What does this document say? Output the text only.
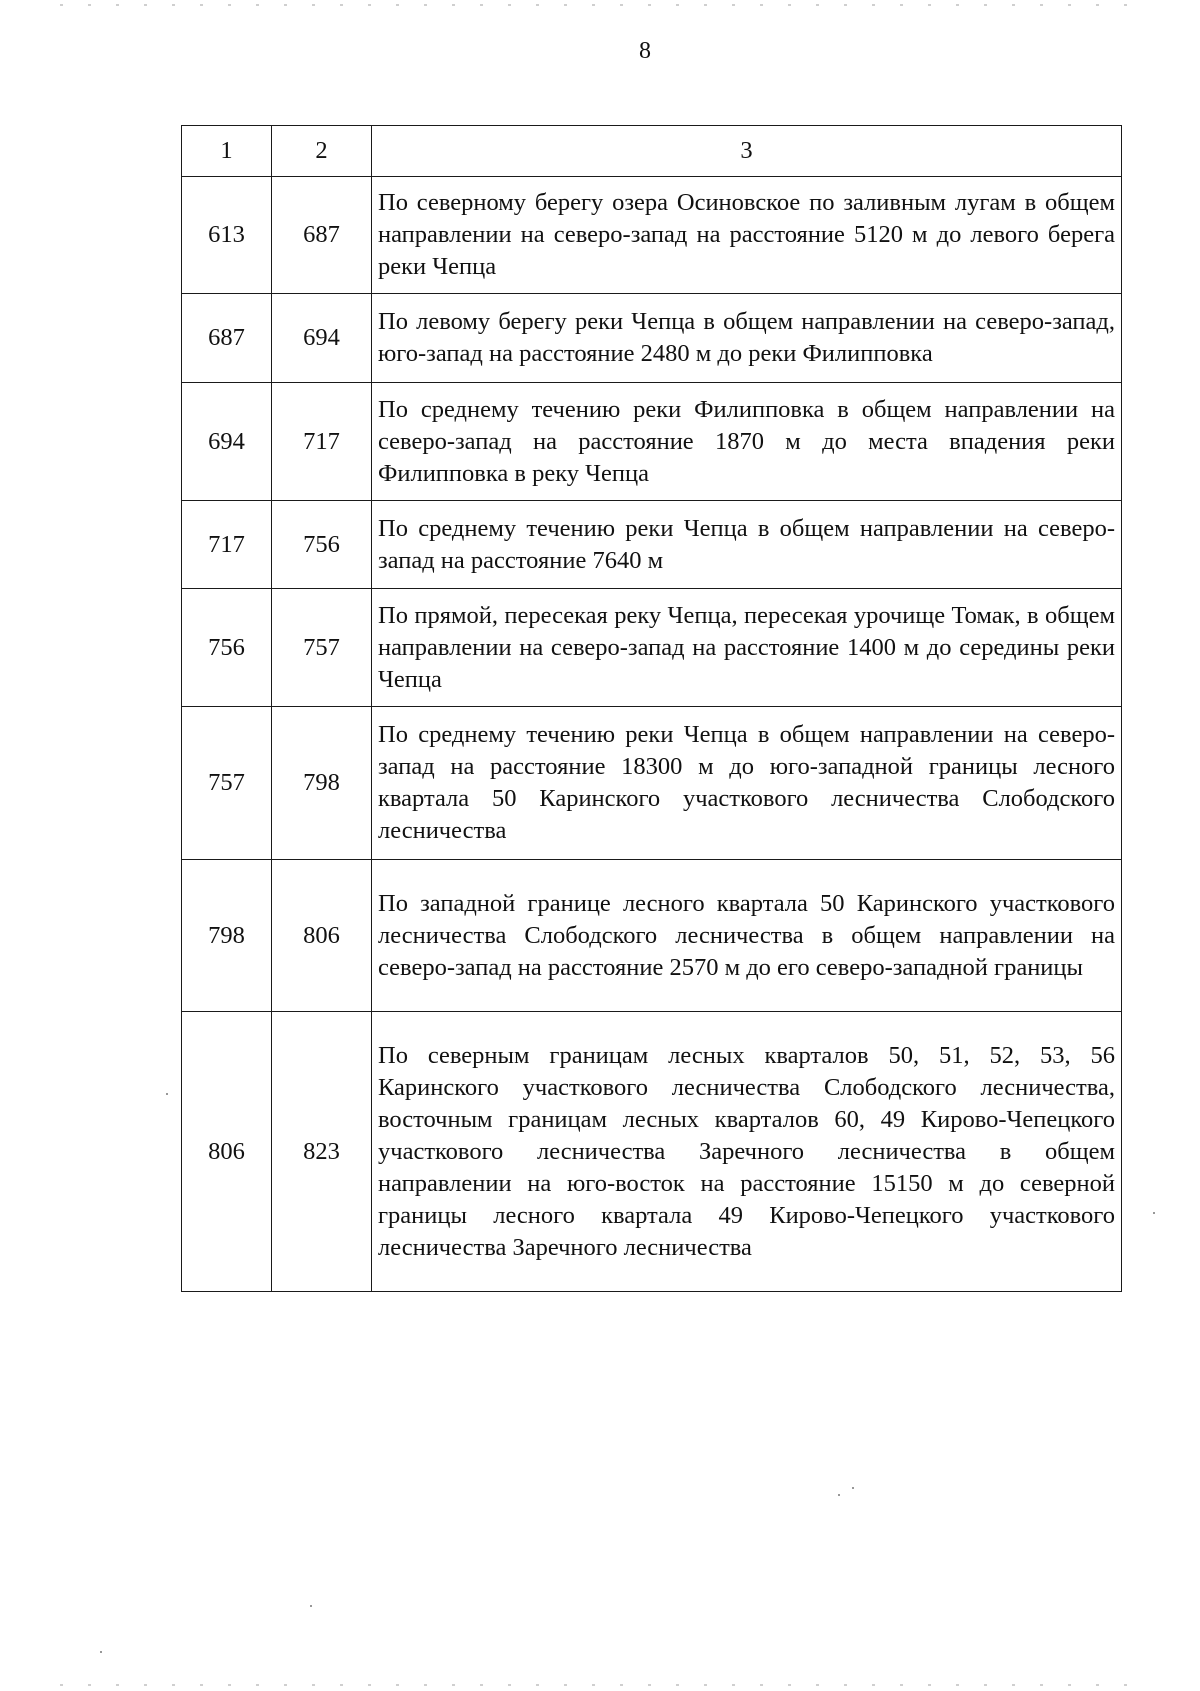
8
1	2	3
613	687	По северному берегу озера Осиновское по заливным лугам в общем направлении на северо-запад на расстояние 5120 м до левого берега реки Чепца
687	694	По левому берегу реки Чепца в общем направлении на северо-запад, юго-запад на расстояние 2480 м до реки Филипповка
694	717	По среднему течению реки Филипповка в общем направлении на северо-запад на расстояние 1870 м до места впадения реки Филипповка в реку Чепца
717	756	По среднему течению реки Чепца в общем направлении на северо-запад на расстояние 7640 м
756	757	По прямой, пересекая реку Чепца, пересекая урочище Томак, в общем направлении на северо-запад на расстояние 1400 м до середины реки Чепца
757	798	По среднему течению реки Чепца в общем направлении на северо-запад на расстояние 18300 м до юго-западной границы лесного квартала 50 Каринского участкового лесничества Слободского лесничества
798	806	По западной границе лесного квартала 50 Каринского участкового лесничества Слободского лесничества в общем направлении на северо-запад на расстояние 2570 м до его северо-западной границы
806	823	По северным границам лесных кварталов 50, 51, 52, 53, 56 Каринского участкового лесничества Слободского лесничества, восточным границам лесных кварталов 60, 49 Кирово-Чепецкого участкового лесничества Заречного лесничества в общем направлении на юго-восток на расстояние 15150 м до северной границы лесного квартала 49 Кирово-Чепецкого участкового лесничества Заречного лесничества
